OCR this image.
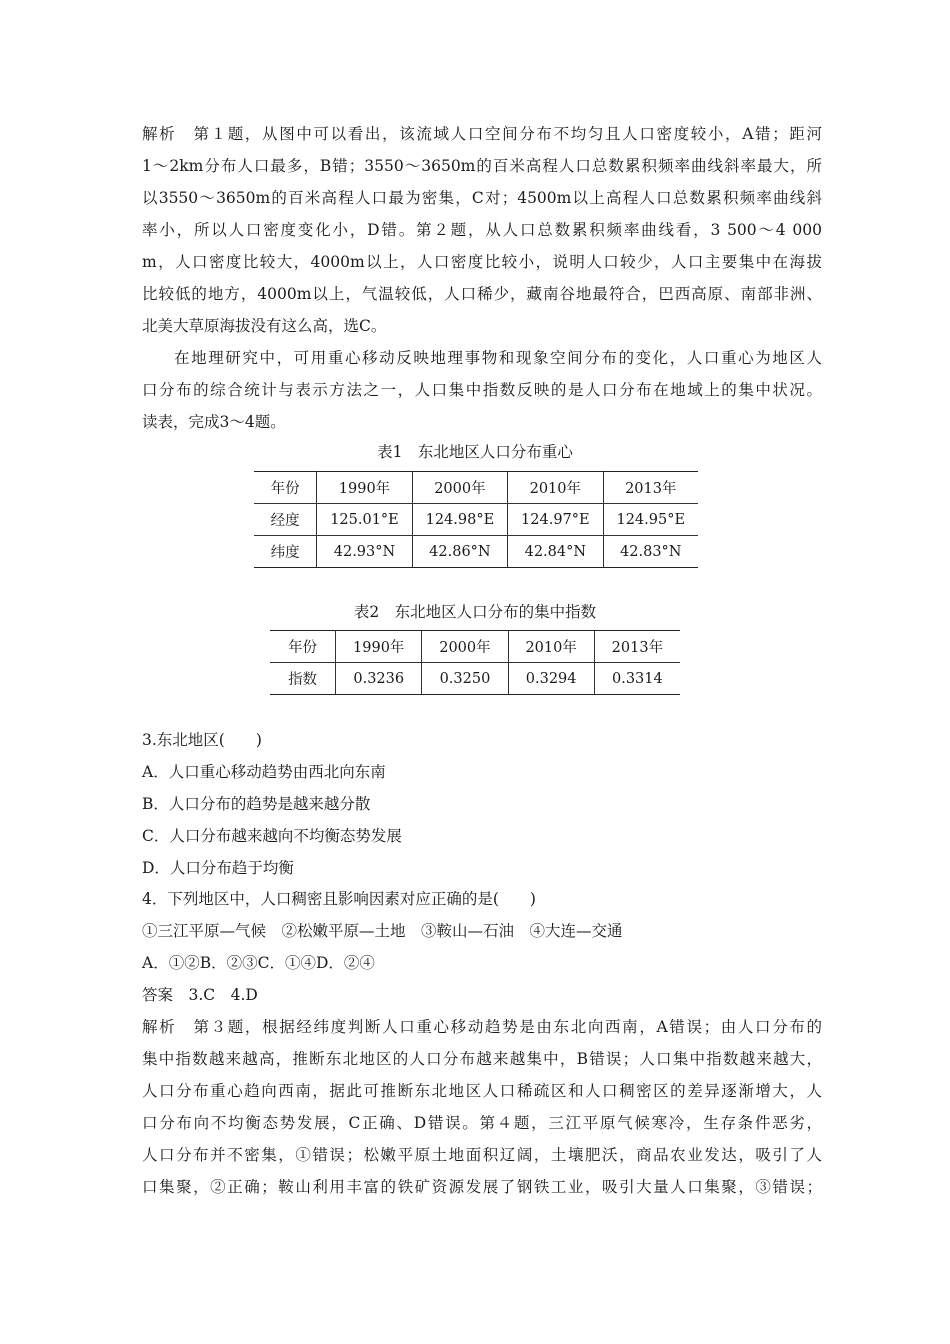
解析　第１题，从图中可以看出，该流域人口空间分布不均匀且人口密度较小，A错；距河
1～2km分布人口最多，B错；3550～3650m的百米高程人口总数累积频率曲线斜率最大，所
以3550～3650m的百米高程人口最为密集，C对；4500m以上高程人口总数累积频率曲线斜
率小，所以人口密度变化小，D错。第２题，从人口总数累积频率曲线看，3 500～4 000
m，人口密度比较大，4000m以上，人口密度比较小，说明人口较少，人口主要集中在海拔
比较低的地方，4000m以上，气温较低，人口稀少，藏南谷地最符合，巴西高原、南部非洲、
北美大草原海拔没有这么高，选C。
在地理研究中，可用重心移动反映地理事物和现象空间分布的变化，人口重心为地区人
口分布的综合统计与表示方法之一，人口集中指数反映的是人口分布在地域上的集中状况。
读表，完成3～4题。
表1　东北地区人口分布重心
年份	1990年	2000年	2010年	2013年
经度	125.01°E	124.98°E	124.97°E	124.95°E
纬度	42.93°N	42.86°N	42.84°N	42.83°N
表2　东北地区人口分布的集中指数
年份	1990年	2000年	2010年	2013年
指数	0.3236	0.3250	0.3294	0.3314
3.东北地区(　　)
A．人口重心移动趋势由西北向东南
B．人口分布的趋势是越来越分散
C．人口分布越来越向不均衡态势发展
D．人口分布趋于均衡
4．下列地区中，人口稠密且影响因素对应正确的是(　　)
①三江平原—气候　②松嫩平原—土地　③鞍山—石油　④大连—交通
A．①②B．②③C．①④D．②④
答案　3.C　4.D
解析　第３题，根据经纬度判断人口重心移动趋势是由东北向西南，A错误；由人口分布的
集中指数越来越高，推断东北地区的人口分布越来越集中，B错误；人口集中指数越来越大，
人口分布重心趋向西南，据此可推断东北地区人口稀疏区和人口稠密区的差异逐渐增大，人
口分布向不均衡态势发展，C正确、D错误。第４题，三江平原气候寒冷，生存条件恶劣，
人口分布并不密集，①错误；松嫩平原土地面积辽阔，土壤肥沃，商品农业发达，吸引了人
口集聚，②正确；鞍山利用丰富的铁矿资源发展了钢铁工业，吸引大量人口集聚，③错误；
